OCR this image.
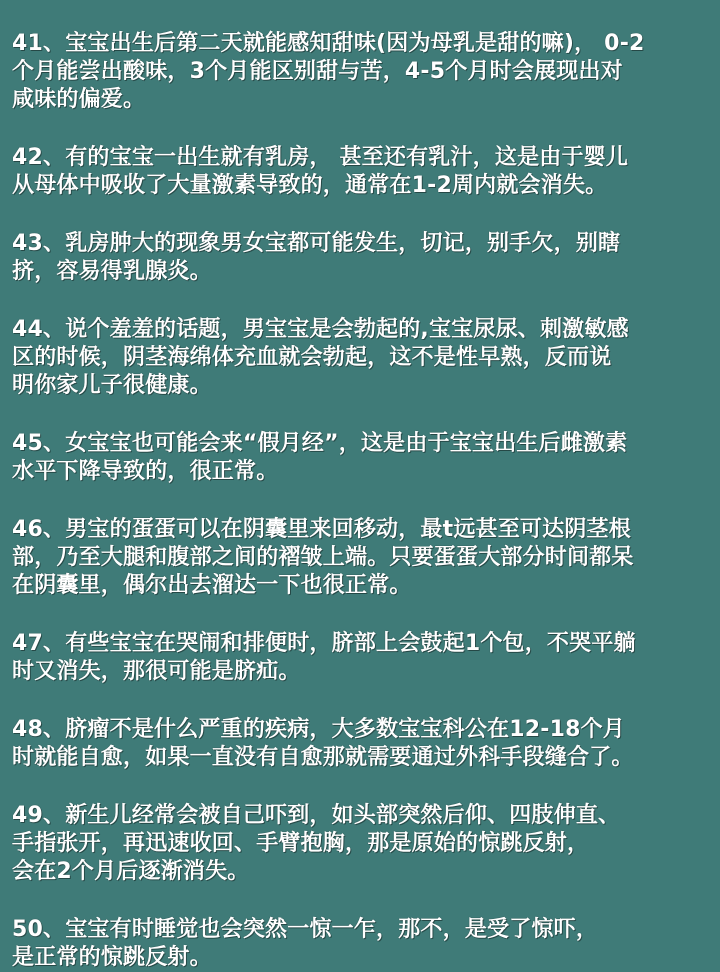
41、宝宝出生后第二天就能感知甜味(因为母乳是甜的嘛)， 0-2
个月能尝出酸味，3个月能区别甜与苦，4-5个月时会展现出对
咸味的偏爱。
42、有的宝宝一出生就有乳房， 甚至还有乳汁，这是由于婴儿
从母体中吸收了大量激素导致的，通常在1-2周内就会消失。
43、乳房肿大的现象男女宝都可能发生，切记，别手欠，别瞎
挤，容易得乳腺炎。
44、说个羞羞的话题，男宝宝是会勃起的,宝宝尿尿、刺激敏感
区的时候，阴茎海绵体充血就会勃起，这不是性早熟，反而说
明你家儿子很健康。
45、女宝宝也可能会来“假月经”，这是由于宝宝出生后雌激素
水平下降导致的，很正常。
46、男宝的蛋蛋可以在阴囊里来回移动，最t远甚至可达阴茎根
部，乃至大腿和腹部之间的褶皱上端。只要蛋蛋大部分时间都呆
在阴囊里，偶尔出去溜达一下也很正常。
47、有些宝宝在哭闹和排便时，脐部上会鼓起1个包，不哭平躺
时又消失，那很可能是脐疝。
48、脐瘤不是什么严重的疾病，大多数宝宝科公在12-18个月
时就能自愈，如果一直没有自愈那就需要通过外科手段缝合了。
49、新生儿经常会被自己吓到，如头部突然后仰、四肢伸直、
手指张开，再迅速收回、手臂抱胸，那是原始的惊跳反射，
会在2个月后逐渐消失。
50、宝宝有时睡觉也会突然一惊一乍，那不，是受了惊吓，
是正常的惊跳反射。
